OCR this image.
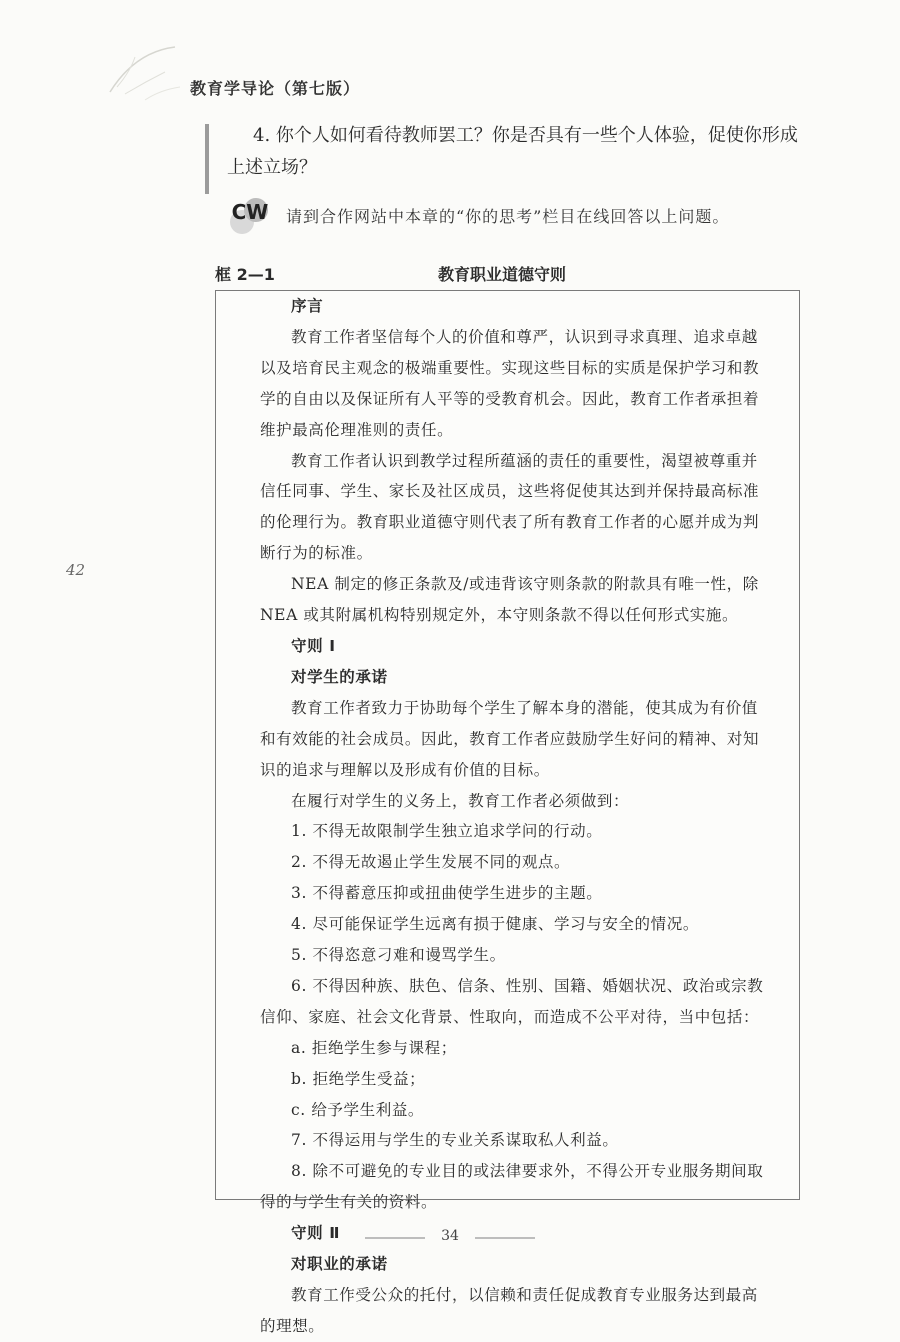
教育学导论（第七版）
4. 你个人如何看待教师罢工？你是否具有一些个人体验，促使你形成上述立场？
CW 请到合作网站中本章的“你的思考”栏目在线回答以上问题。
框 2—1	教育职业道德守则
序言
教育工作者坚信每个人的价值和尊严，认识到寻求真理、追求卓越
以及培育民主观念的极端重要性。实现这些目标的实质是保护学习和教
学的自由以及保证所有人平等的受教育机会。因此，教育工作者承担着
维护最高伦理准则的责任。
教育工作者认识到教学过程所蕴涵的责任的重要性，渴望被尊重并
信任同事、学生、家长及社区成员，这些将促使其达到并保持最高标准
的伦理行为。教育职业道德守则代表了所有教育工作者的心愿并成为判
断行为的标准。
NEA 制定的修正条款及/或违背该守则条款的附款具有唯一性，除
NEA 或其附属机构特别规定外，本守则条款不得以任何形式实施。
守则 I
对学生的承诺
教育工作者致力于协助每个学生了解本身的潜能，使其成为有价值
和有效能的社会成员。因此，教育工作者应鼓励学生好问的精神、对知
识的追求与理解以及形成有价值的目标。
在履行对学生的义务上，教育工作者必须做到：
1. 不得无故限制学生独立追求学问的行动。
2. 不得无故遏止学生发展不同的观点。
3. 不得蓄意压抑或扭曲使学生进步的主题。
4. 尽可能保证学生远离有损于健康、学习与安全的情况。
5. 不得恣意刁难和谩骂学生。
6. 不得因种族、肤色、信条、性别、国籍、婚姻状况、政治或宗教
信仰、家庭、社会文化背景、性取向，而造成不公平对待，当中包括：
a. 拒绝学生参与课程；
b. 拒绝学生受益；
c. 给予学生利益。
7. 不得运用与学生的专业关系谋取私人利益。
8. 除不可避免的专业目的或法律要求外，不得公开专业服务期间取
得的与学生有关的资料。
守则 Ⅱ
对职业的承诺
教育工作受公众的托付，以信赖和责任促成教育专业服务达到最高
的理想。
42
34
